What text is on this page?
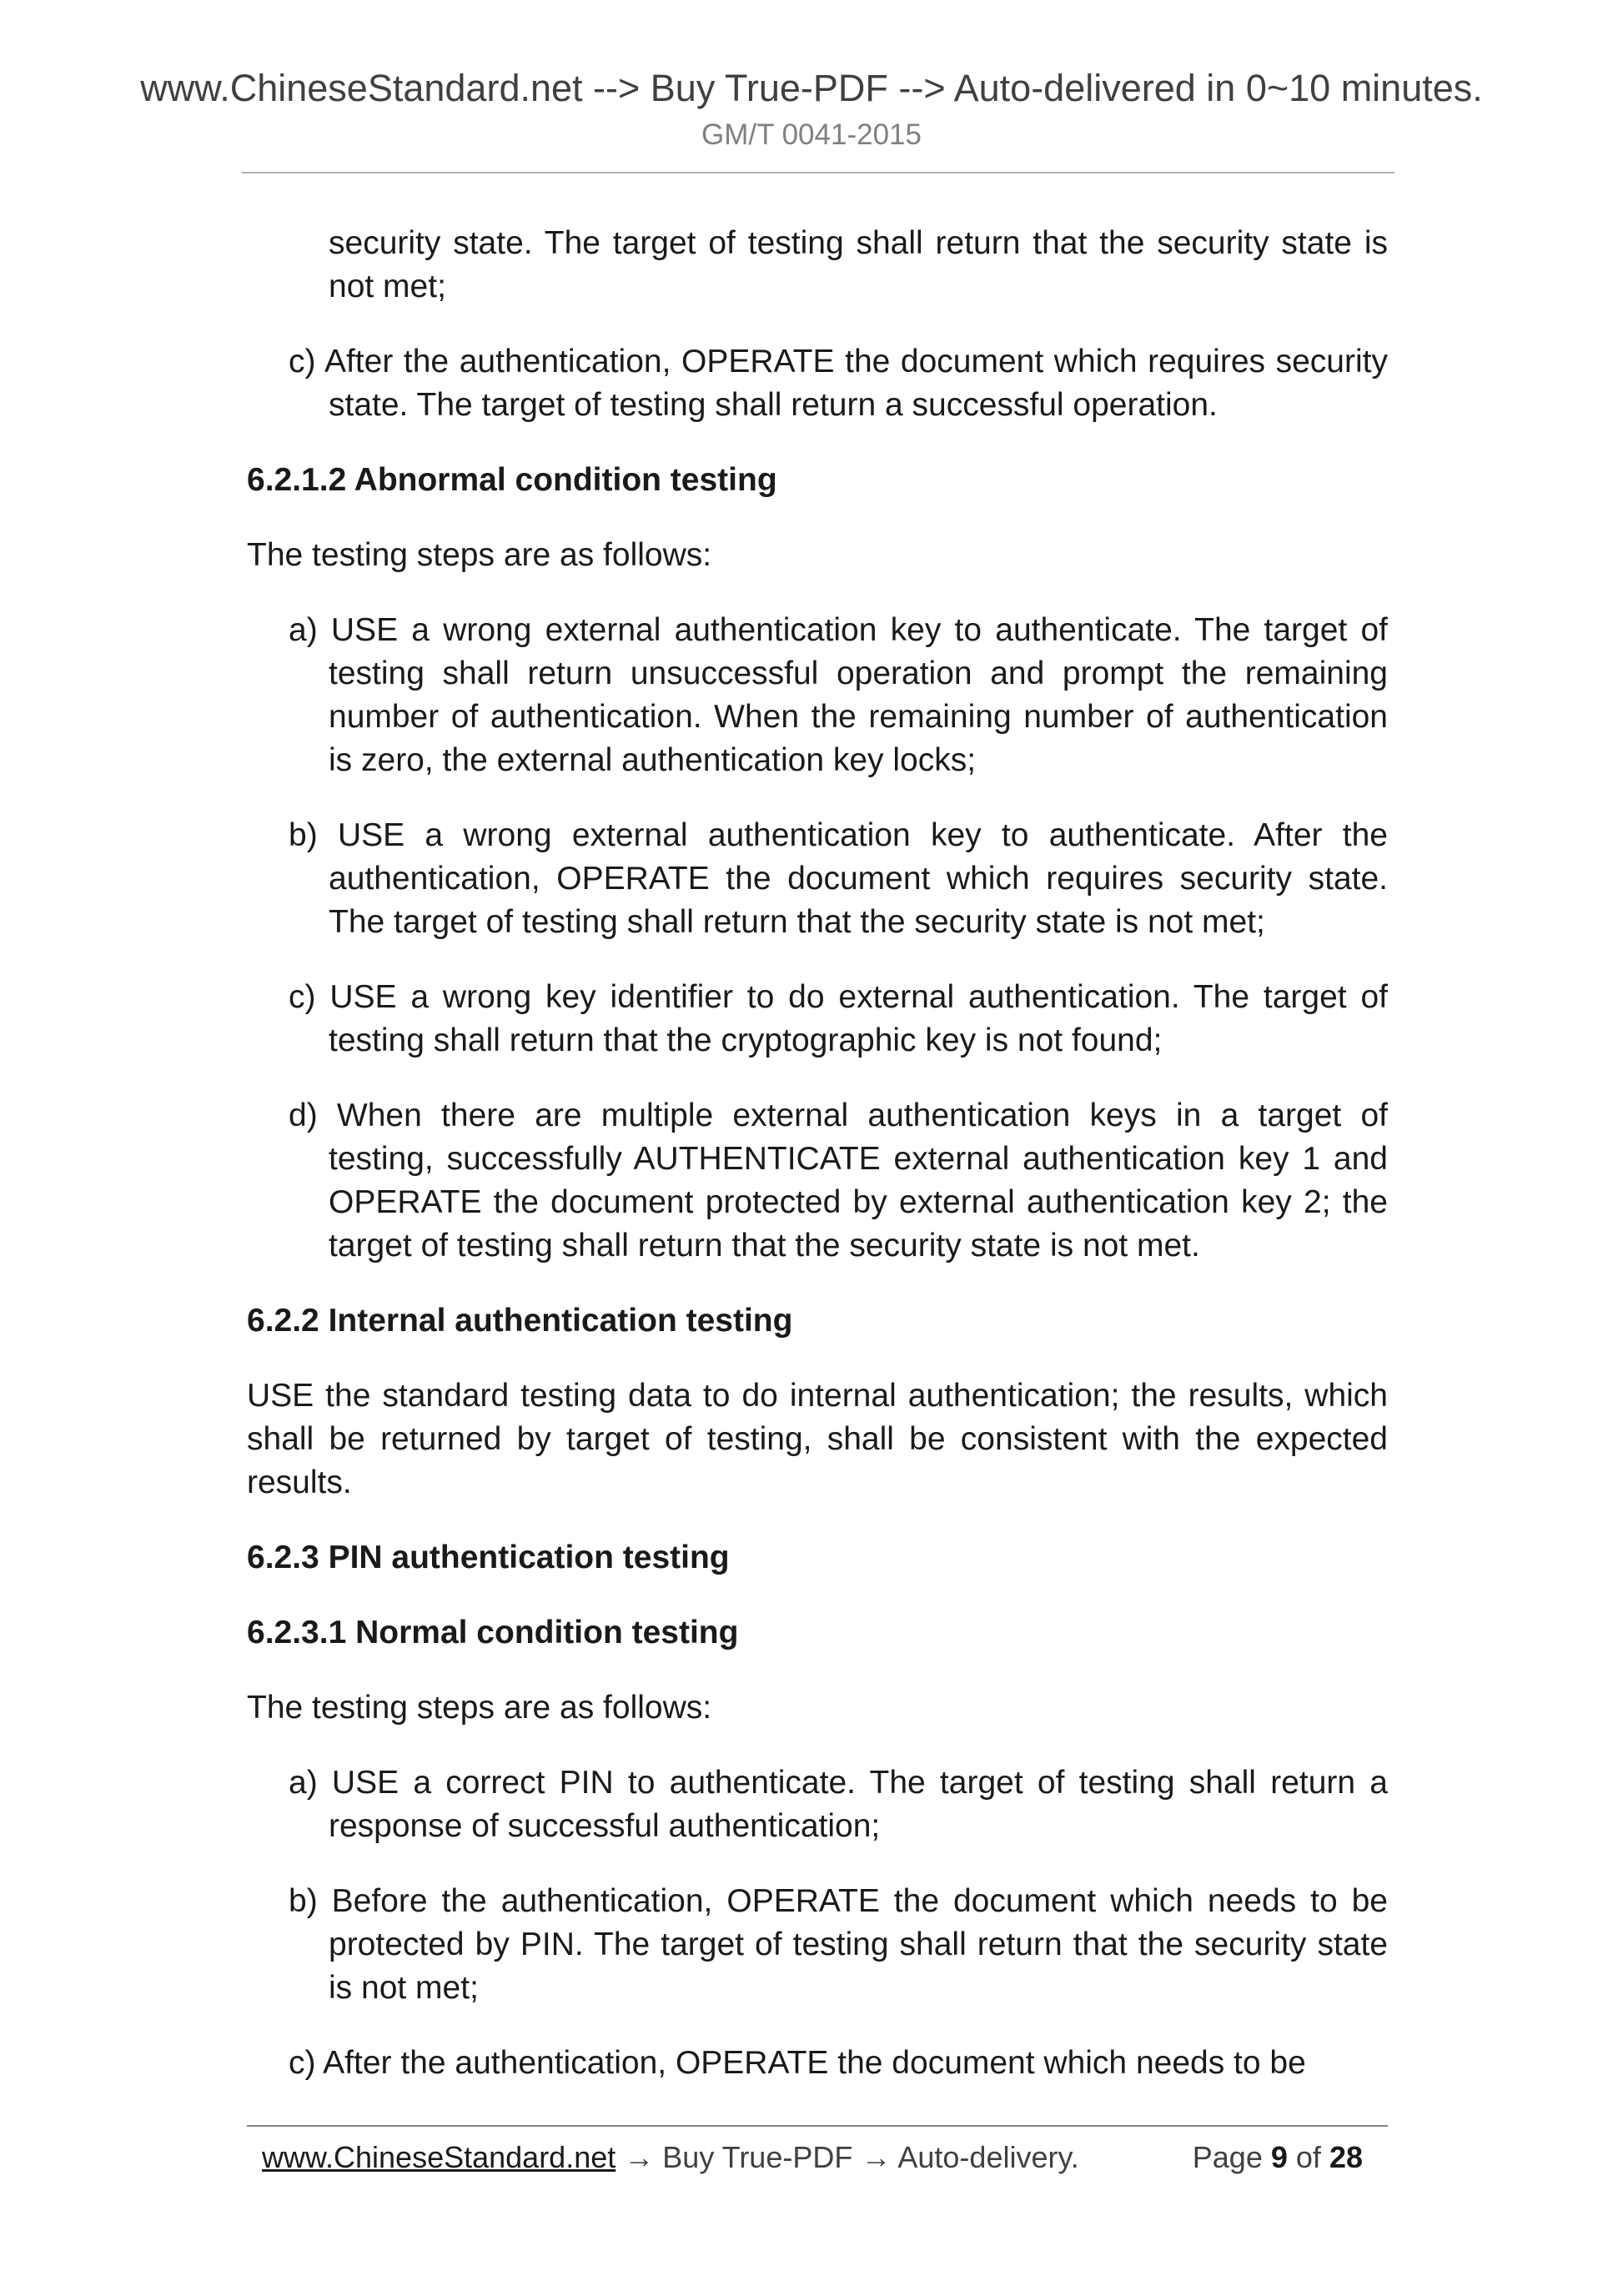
www.ChineseStandard.net --> Buy True-PDF --> Auto-delivered in 0~10 minutes.
GM/T 0041-2015

security state. The target of testing shall return that the security state is not met;

c) After the authentication, OPERATE the document which requires security state. The target of testing shall return a successful operation.

6.2.1.2 Abnormal condition testing

The testing steps are as follows:

a) USE a wrong external authentication key to authenticate. The target of testing shall return unsuccessful operation and prompt the remaining number of authentication. When the remaining number of authentication is zero, the external authentication key locks;

b) USE a wrong external authentication key to authenticate. After the authentication, OPERATE the document which requires security state. The target of testing shall return that the security state is not met;

c) USE a wrong key identifier to do external authentication. The target of testing shall return that the cryptographic key is not found;

d) When there are multiple external authentication keys in a target of testing, successfully AUTHENTICATE external authentication key 1 and OPERATE the document protected by external authentication key 2; the target of testing shall return that the security state is not met.

6.2.2 Internal authentication testing

USE the standard testing data to do internal authentication; the results, which shall be returned by target of testing, shall be consistent with the expected results.

6.2.3 PIN authentication testing

6.2.3.1 Normal condition testing

The testing steps are as follows:

a) USE a correct PIN to authenticate. The target of testing shall return a response of successful authentication;

b) Before the authentication, OPERATE the document which needs to be protected by PIN. The target of testing shall return that the security state is not met;

c) After the authentication, OPERATE the document which needs to be

www.ChineseStandard.net → Buy True-PDF → Auto-delivery.	Page 9 of 28
